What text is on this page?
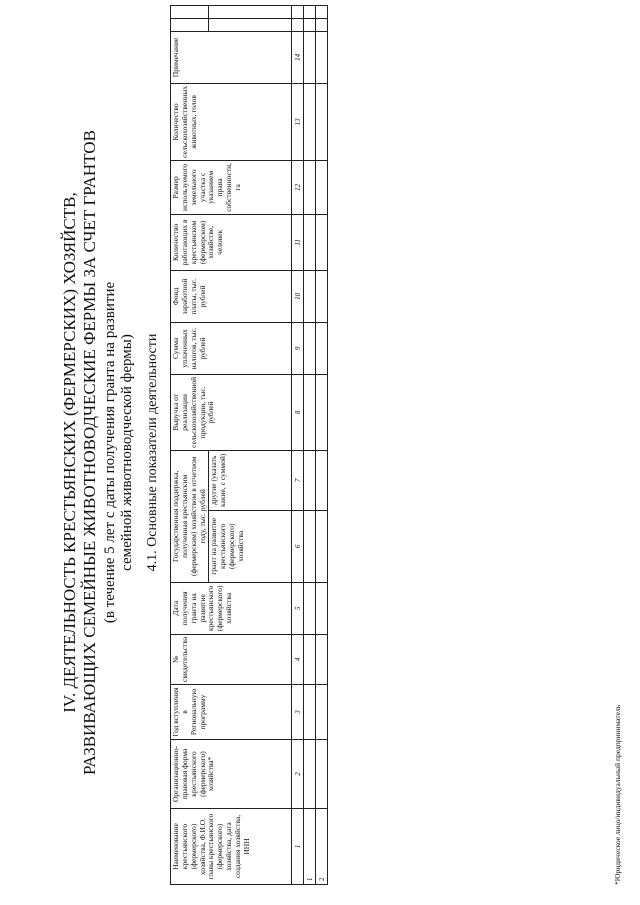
IV. ДЕЯТЕЛЬНОСТЬ КРЕСТЬЯНСКИХ (ФЕРМЕРСКИХ) ХОЗЯЙСТВ, РАЗВИВАЮЩИХ СЕМЕЙНЫЕ ЖИВОТНОВОДЧЕСКИЕ ФЕРМЫ ЗА СЧЕТ ГРАНТОВ (в течение 5 лет с даты получения гранта на развитие семейной животноводческой фермы) 4.1. Основные показатели деятельности
Наименование крестьянского (фермерского) хозяйства, Ф.И.О. главы крестьянского (фермерского) хозяйства, дата создания хозяйства, ИНН	Организационно-правовая форма крестьянского (фермерского) хозяйства*	Год вступления в Региональную программу	№ свидетельства	Дата получения гранта на развитие крестьянского (фермерского) хозяйства	Государственная поддержка, полученная крестьянским (фермерским) хозяйством в отчетном году, тыс. рублей		Выручка от реализации сельскохозяйственной продукции, тыс. рублей	Сумма уплаченных налогов, тыс. рублей	Фонд заработной платы, тыс. рублей	Количество работающих в крестьянском (фермерском) хозяйстве, человек	Размер используемого земельного участка с указанием права собственности, га	Количество сельскохозяйственных животных, голов	Примечание		
					грант на развитие крестьянского (фермерского) хозяйства	другие (указать какие, с суммой)									
1	2	3	4	5	6	7	8	9	10	11	12	13	14		
1															
2																*Юридическое лицо/индивидуальный предприниматель
